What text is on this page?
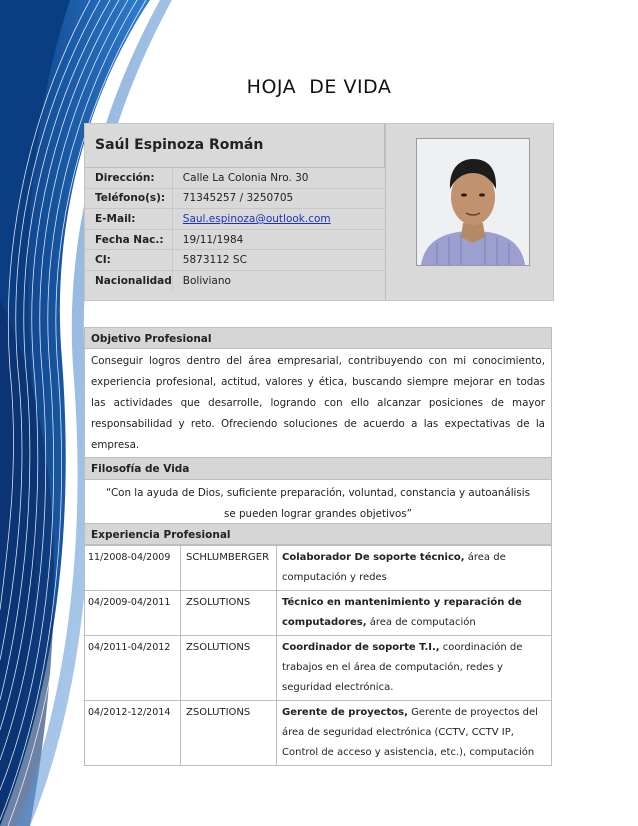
HOJA DE VIDA
Saúl Espinoza Román
Dirección:	Calle La Colonia Nro. 30
Teléfono(s):	71345257 / 3250705
E-Mail:	Saul.espinoza@outlook.com
Fecha Nac.:	19/11/1984
CI:	5873112 SC
Nacionalidad	Boliviano
Objetivo Profesional
Conseguir logros dentro del área empresarial, contribuyendo con mi conocimiento, experiencia profesional, actitud, valores y ética, buscando siempre mejorar en todas las actividades que desarrolle, logrando con ello alcanzar posiciones de mayor responsabilidad y reto. Ofreciendo soluciones de acuerdo a las expectativas de la empresa.
Filosofía de Vida
“Con la ayuda de Dios, suficiente preparación, voluntad, constancia y autoanálisis
se pueden lograr grandes objetivos”
Experiencia Profesional
11/2008-04/2009	SCHLUMBERGER	Colaborador De soporte técnico, área de computación y redes
04/2009-04/2011	ZSOLUTIONS	Técnico en mantenimiento y reparación de computadores, área de computación
04/2011-04/2012	ZSOLUTIONS	Coordinador de soporte T.I., coordinación de trabajos en el área de computación, redes y seguridad electrónica.
04/2012-12/2014	ZSOLUTIONS	Gerente de proyectos, Gerente de proyectos del área de seguridad electrónica (CCTV, CCTV IP, Control de acceso y asistencia, etc.), computación
